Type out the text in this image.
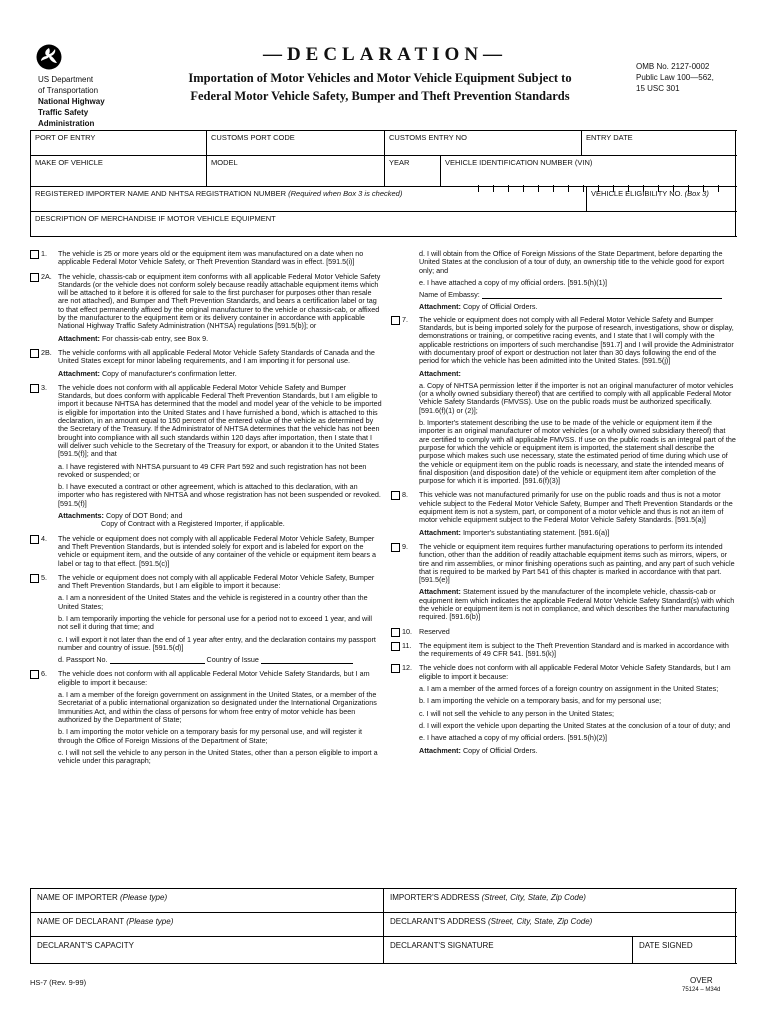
US Department
of Transportation
National Highway
Traffic Safety
Administration
—DECLARATION—
Importation of Motor Vehicles and Motor Vehicle Equipment Subject to
Federal Motor Vehicle Safety, Bumper and Theft Prevention Standards
OMB No. 2127-0002
Public Law 100—562,
15 USC 301
PORT OF ENTRY	CUSTOMS PORT CODE	CUSTOMS ENTRY NO	ENTRY DATE
MAKE OF VEHICLE	MODEL	YEAR	VEHICLE IDENTIFICATION NUMBER (VIN)
REGISTERED IMPORTER NAME AND NHTSA REGISTRATION NUMBER (Required when Box 3 is checked)	VEHICLE ELIGIBILITY NO. (Box 3)
DESCRIPTION OF MERCHANDISE IF MOTOR VEHICLE EQUIPMENT
1. The vehicle is 25 or more years old or the equipment item was manufactured on a date when no applicable Federal Motor Vehicle Safety, or Theft Prevention Standard was in effect. [591.5(i)]

2A. The vehicle, chassis-cab or equipment item conforms with all applicable Federal Motor Vehicle Safety Standards (or the vehicle does not conform solely because readily attachable equipment items which will be attached to it before it is offered for sale to the first purchaser for purposes other than resale are not attached), and Bumper and Theft Prevention Standards, and bears a certification label or tag to that effect permanently affixed by the original manufacturer to the vehicle or chassis-cab, or affixed by the manufacturer to the equipment item or its delivery container in accordance with applicable National Highway Traffic Safety Administration (NHTSA) regulations [591.5(b)]; or

Attachment: For chassis-cab entry, see Box 9.

2B. The vehicle conforms with all applicable Federal Motor Vehicle Safety Standards of Canada and the United States except for minor labeling requirements, and I am importing it for personal use.

Attachment: Copy of manufacturer's confirmation letter.

3. The vehicle does not conform with all applicable Federal Motor Vehicle Safety and Bumper Standards, but does conform with applicable Federal Theft Prevention Standards, but I am eligible to import it because NHTSA has determined that the model and model year of the vehicle to be imported is eligible for importation into the United States and I have furnished a bond, which is attached to this declaration, in an amount equal to 150 percent of the entered value of the vehicle as determined by the Secretary of the Treasury. If the Administrator of NHTSA determines that the vehicle has not been brought into compliance with all such standards within 120 days after importation, then I state that I will deliver such vehicle to the Secretary of the Treasury for export, or abandon it to the United States [591.5(f)]; and that

a. I have registered with NHTSA pursuant to 49 CFR Part 592 and such registration has not been revoked or suspended; or

b. I have executed a contract or other agreement, which is attached to this declaration, with an importer who has registered with NHTSA and whose registration has not been suspended or revoked. [591.5(f)]

Attachments: Copy of DOT Bond; and

Copy of Contract with a Registered Importer, if applicable.

4. The vehicle or equipment does not comply with all applicable Federal Motor Vehicle Safety, Bumper and Theft Prevention Standards, but is intended solely for export and is labeled for export on the vehicle or equipment item, and the outside of any container of the vehicle or equipment item bears a label or tag to that effect. [591.5(c)]

5. The vehicle or equipment does not comply with all applicable Federal Motor Vehicle Safety, Bumper and Theft Prevention Standards, but I am eligible to import it because:

a. I am a nonresident of the United States and the vehicle is registered in a country other than the United States;

b. I am temporarily importing the vehicle for personal use for a period not to exceed 1 year, and will not sell it during that time; and

c. I will export it not later than the end of 1 year after entry, and the declaration contains my passport number and country of issue. [591.5(d)]

d. Passport No.	Country of Issue

6. The vehicle does not conform with all applicable Federal Motor Vehicle Safety Standards, but I am eligible to import it because:

a. I am a member of the foreign government on assignment in the United States, or a member of the Secretariat of a public international organization so designated under the International Organizations Immunities Act, and within the class of persons for whom free entry of motor vehicle has been authorized by the Department of State;

b. I am importing the motor vehicle on a temporary basis for my personal use, and will register it through the Office of Foreign Missions of the Department of State;

c. I will not sell the vehicle to any person in the United States, other than a person eligible to import a vehicle under this paragraph;

d. I will obtain from the Office of Foreign Missions of the State Department, before departing the United States at the conclusion of a tour of duty, an ownership title to the vehicle good for export only; and

e. I have attached a copy of my official orders. [591.5(h)(1)]

Name of Embassy:

Attachment: Copy of Official Orders.

7. The vehicle or equipment does not comply with all Federal Motor Vehicle Safety and Bumper Standards, but is being imported solely for the purpose of research, investigations, show or display, demonstrations or training, or competitive racing events, and I state that I will comply with the applicable restrictions on importers of such merchandise [591.7] and I will provide the Administrator with documentary proof of export or destruction not later than 30 days following the end of the period for which the vehicle has been admitted into the United States. [591.5(j)]

Attachment:

a. Copy of NHTSA permission letter if the importer is not an original manufacturer of motor vehicles (or a wholly owned subsidiary thereof) that are certified to comply with all applicable Federal Motor Vehicle Safety Standards (FMVSS). Use on the public roads must be authorized specifically. [591.6(f)(1) or (2)];

b. Importer's statement describing the use to be made of the vehicle or equipment item if the importer is an original manufacturer of motor vehicles (or a wholly owned subsidiary thereof) that are certified to comply with all applicable FMVSS. If use on the public roads is an integral part of the purpose for which the vehicle or equipment item is imported, the statement shall describe the purpose which makes such use necessary, state the estimated period of time during which use of the vehicle or equipment item on the public roads is necessary, and state the intended means of final disposition (and disposition date) of the vehicle or equipment item after completion of the purpose for which it is imported. [591.6(f)(3)]

8. This vehicle was not manufactured primarily for use on the public roads and thus is not a motor vehicle subject to the Federal Motor Vehicle Safety, Bumper and Theft Prevention Standards or the equipment item is not a system, part, or component of a motor vehicle and thus is not an item of motor vehicle equipment subject to the Federal Motor Vehicle Safety Standards. [591.5(a)]

Attachment: Importer's substantiating statement. [591.6(a)]

9. The vehicle or equipment item requires further manufacturing operations to perform its intended function, other than the addition of readily attachable equipment items such as mirrors, wipers, or tire and rim assemblies, or minor finishing operations such as painting, and any part of such vehicle that is required to be marked by Part 541 of this chapter is marked in accordance with that part. [591.5(e)]

Attachment: Statement issued by the manufacturer of the incomplete vehicle, chassis-cab or equipment item which indicates the applicable Federal Motor Vehicle Safety Standard(s) with which the vehicle or equipment item is not in compliance, and which describes the further manufacturing required. [591.6(b)]

10. Reserved

11. The equipment item is subject to the Theft Prevention Standard and is marked in accordance with the requirements of 49 CFR 541. [591.5(k)]

12. The vehicle does not conform with all applicable Federal Motor Vehicle Safety Standards, but I am eligible to import it because:

a. I am a member of the armed forces of a foreign country on assignment in the United States;

b. I am importing the vehicle on a temporary basis, and for my personal use;

c. I will not sell the vehicle to any person in the United States;

d. I will export the vehicle upon departing the United States at the conclusion of a tour of duty; and

e. I have attached a copy of my official orders. [591.5(h)(2)]

Attachment: Copy of Official Orders.

NAME OF IMPORTER (Please type)	IMPORTER'S ADDRESS (Street, City, State, Zip Code)
NAME OF DECLARANT (Please type)	DECLARANT'S ADDRESS (Street, City, State, Zip Code)
DECLARANT'S CAPACITY	DECLARANT'S SIGNATURE	DATE SIGNED
HS-7 (Rev. 9-99)	OVER
75124 – M34d
